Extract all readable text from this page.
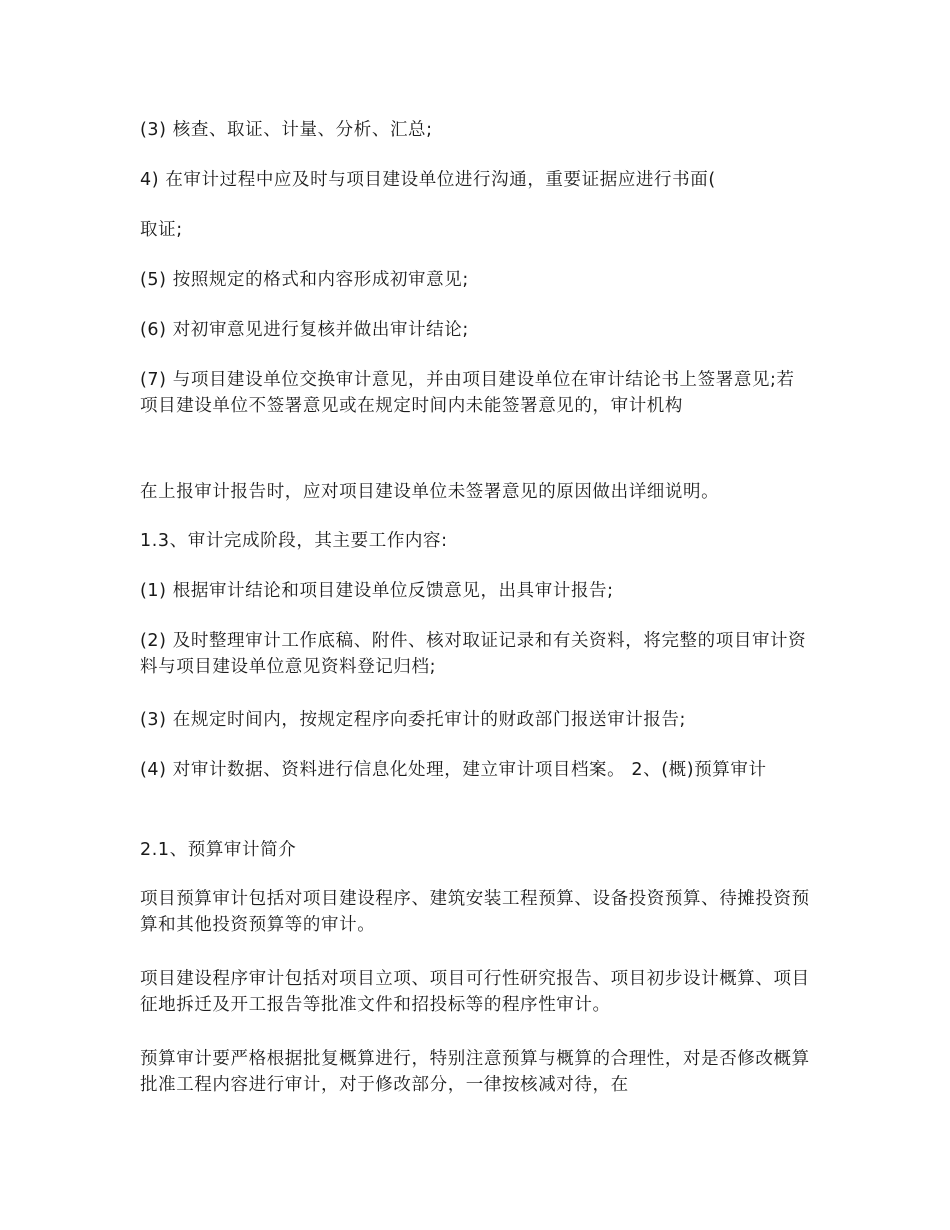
(3) 核查、取证、计量、分析、汇总;

4) 在审计过程中应及时与项目建设单位进行沟通，重要证据应进行书面(

取证;

(5) 按照规定的格式和内容形成初审意见;

(6) 对初审意见进行复核并做出审计结论;

(7) 与项目建设单位交换审计意见，并由项目建设单位在审计结论书上签署意见;若项目建设单位不签署意见或在规定时间内未能签署意见的，审计机构

在上报审计报告时，应对项目建设单位未签署意见的原因做出详细说明。

1.3、审计完成阶段，其主要工作内容:

(1) 根据审计结论和项目建设单位反馈意见，出具审计报告;

(2) 及时整理审计工作底稿、附件、核对取证记录和有关资料，将完整的项目审计资料与项目建设单位意见资料登记归档;

(3) 在规定时间内，按规定程序向委托审计的财政部门报送审计报告;

(4) 对审计数据、资料进行信息化处理，建立审计项目档案。 2、(概)预算审计

2.1、预算审计简介

项目预算审计包括对项目建设程序、建筑安装工程预算、设备投资预算、待摊投资预算和其他投资预算等的审计。

项目建设程序审计包括对项目立项、项目可行性研究报告、项目初步设计概算、项目征地拆迁及开工报告等批准文件和招投标等的程序性审计。

预算审计要严格根据批复概算进行，特别注意预算与概算的合理性，对是否修改概算批准工程内容进行审计，对于修改部分，一律按核减对待，在
